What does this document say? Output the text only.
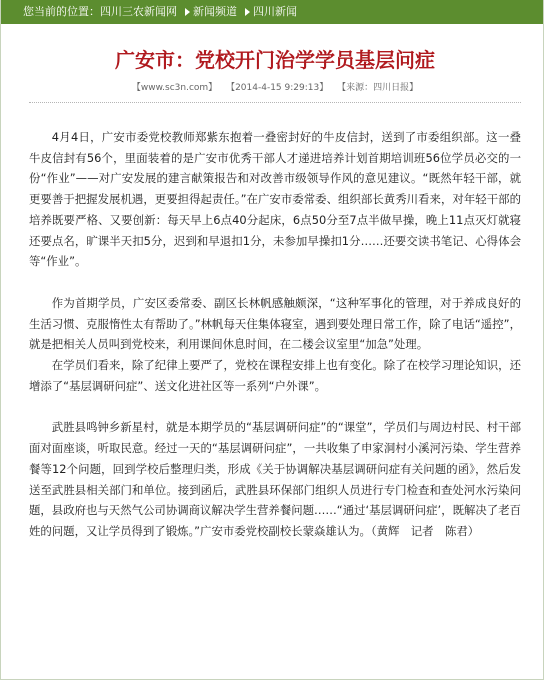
您当前的位置：四川三农新闻网 新闻频道 四川新闻
广安市：党校开门治学学员基层问症
【www.sc3n.com】 【2014-4-15 9:29:13】 【来源：四川日报】

4月4日，广安市委党校教师郑紫东抱着一叠密封好的牛皮信封，送到了市委组织部。这一叠牛皮信封有56个，里面装着的是广安市优秀干部人才递进培养计划首期培训班56位学员必交的一份“作业”——对广安发展的建言献策报告和对改善市级领导作风的意见建议。“既然年轻干部，就更要善于把握发展机遇，更要担得起责任。”在广安市委常委、组织部长黄秀川看来，对年轻干部的培养既要严格、又要创新：每天早上6点40分起床，6点50分至7点半做早操，晚上11点灭灯就寝还要点名，旷课半天扣5分，迟到和早退扣1分，未参加早操扣1分……还要交读书笔记、心得体会等“作业”。

作为首期学员，广安区委常委、副区长林帆感触颇深，“这种军事化的管理，对于养成良好的生活习惯、克服惰性太有帮助了。”林帆每天住集体寝室，遇到要处理日常工作，除了电话“遥控”，就是把相关人员叫到党校来，利用课间休息时间，在二楼会议室里“加急”处理。

在学员们看来，除了纪律上要严了，党校在课程安排上也有变化。除了在校学习理论知识，还增添了“基层调研问症”、送文化进社区等一系列“户外课”。

武胜县鸣钟乡新星村，就是本期学员的“基层调研问症”的“课堂”，学员们与周边村民、村干部面对面座谈，听取民意。经过一天的“基层调研问症”，一共收集了申家洞村小溪河污染、学生营养餐等12个问题，回到学校后整理归类，形成《关于协调解决基层调研问症有关问题的函》，然后发送至武胜县相关部门和单位。接到函后，武胜县环保部门组织人员进行专门检查和查处河水污染问题，县政府也与天然气公司协调商议解决学生营养餐问题……“通过‘基层调研问症’，既解决了老百姓的问题，又让学员得到了锻炼。”广安市委党校副校长蒙焱雄认为。（黄辉　记者　陈君）
